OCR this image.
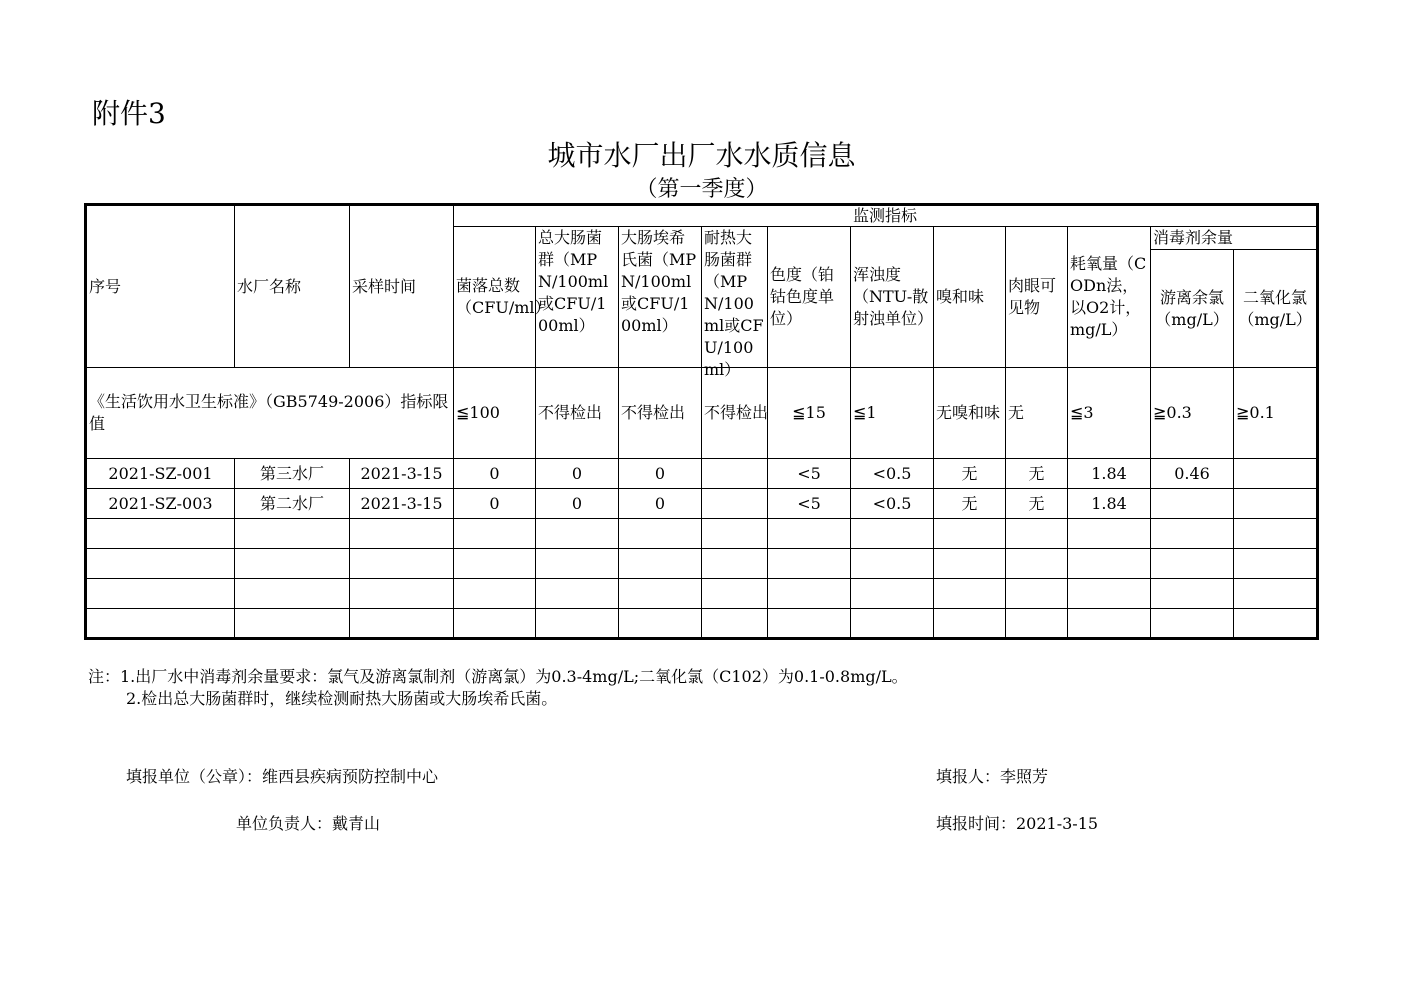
附件3
城市水厂出厂水水质信息
（第一季度）
序号	水厂名称	采样时间	监测指标										
			菌落总数（CFU/ml）	总大肠菌群（MPN/100ml或CFU/100ml）	大肠埃希氏菌（MPN/100ml或CFU/100ml）	耐热大肠菌群（MPN/100ml或CFU/100ml）	色度（铂钴色度单位）	浑浊度（NTU-散射浊单位）	嗅和味	肉眼可见物	耗氧量（CODn法，以O2计，mg/L）	消毒剂余量	
												游离余氯（mg/L）	二氧化氯（mg/L）
《生活饮用水卫生标准》（GB5749-2006）指标限值			≦100	不得检出	不得检出	不得检出	≦15	≦1	无嗅和味	无	≦3	≧0.3	≧0.1
2021-SZ-001	第三水厂	2021-3-15	0	0	0		<5	<0.5	无	无	1.84	0.46	
2021-SZ-003	第二水厂	2021-3-15	0	0	0		<5	<0.5	无	无	1.84		

注：1.出厂水中消毒剂余量要求：氯气及游离氯制剂（游离氯）为0.3-4mg/L;二氧化氯（C102）为0.1-0.8mg/L。
2.检出总大肠菌群时，继续检测耐热大肠菌或大肠埃希氏菌。
填报单位（公章）：维西县疾病预防控制中心	填报人：李照芳
单位负责人：戴青山	填报时间：2021-3-15
